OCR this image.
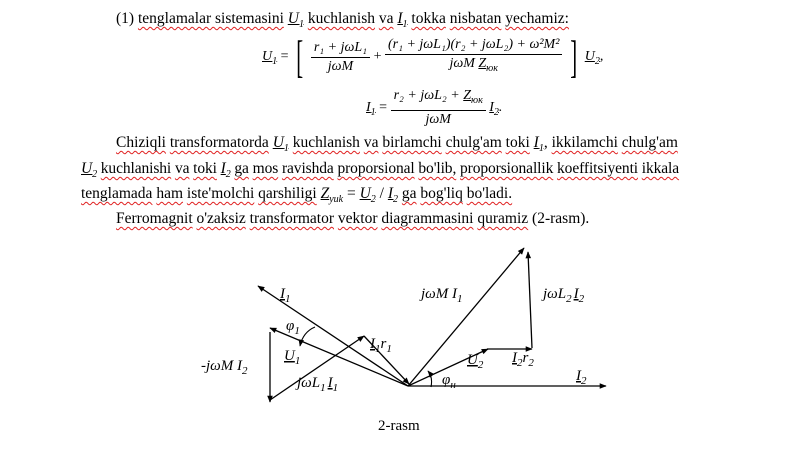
(1) tenglamalar sistemasini $U_1$ kuchlanish va $I_1$ tokka nisbatan yechamiz:
$U_1$ = [ $\frac{\text{r₁ + jωL₁}}{\text{jωM}} + \frac{\text{(r₁ + jωL₁)(r₂ + jωL₂) + ω²M²}}{j\omega M Z_{юк}}$ ] $U_2$,
$I_1 = \frac{r_2 + j\omega L_2 + Z_{юк}}{\text{jωM}} I_2$.
Chiziqli transformatorda $U_1$ kuchlanish va birlamchi chulg'am toki $I_1$, ikkilamchi chulg'am
$U_2$ kuchlanishi va toki $I_2$ ga mos ravishda proporsional bo'lib, proporsionallik koeffitsiyenti ikkala
tenglamada ham iste'molchi qarshiligi $Z_{yuk} = U_2 / I_2$ ga bog'liq bo'ladi.
Ferromagnit o'zaksiz transformator vektor diagrammasini quramiz (2-rasm).
$I_1$
$\varphi_1$
$U_1$
-jωM $I_2$
jωL$_1$ $I_1$
$I_1r_1$
jωM $I_1$	jωL$_2$ $I_2$
$U_2$ $I_2r_2$
$\varphi_н$
$I_2$
2-rasm
